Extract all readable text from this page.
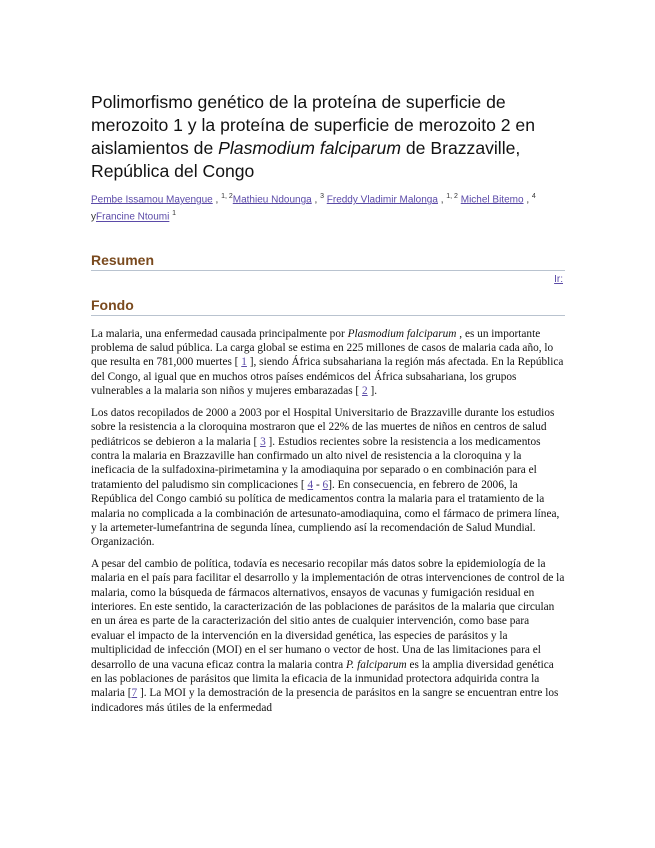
Polimorfismo genético de la proteína de superficie de merozoito 1 y la proteína de superficie de merozoito 2 en aislamientos de Plasmodium falciparum de Brazzaville, República del Congo
Pembe Issamou Mayengue , $^{1, 2}$Mathieu Ndounga , $^3$ Freddy Vladimir Malonga , $^{1, 2}$ Michel Bitemo , $^4$ yFrancine Ntoumi $^1$
Resumen
Ir:
Fondo

La malaria, una enfermedad causada principalmente por Plasmodium falciparum , es un importante problema de salud pública. La carga global se estima en 225 millones de casos de malaria cada año, lo que resulta en 781,000 muertes [ 1 ], siendo África subsahariana la región más afectada. En la República del Congo, al igual que en muchos otros países endémicos del África subsahariana, los grupos vulnerables a la malaria son niños y mujeres embarazadas [ 2 ].

Los datos recopilados de 2000 a 2003 por el Hospital Universitario de Brazzaville durante los estudios sobre la resistencia a la cloroquina mostraron que el 22% de las muertes de niños en centros de salud pediátricos se debieron a la malaria [ 3 ]. Estudios recientes sobre la resistencia a los medicamentos contra la malaria en Brazzaville han confirmado un alto nivel de resistencia a la cloroquina y la ineficacia de la sulfadoxina-pirimetamina y la amodiaquina por separado o en combinación para el tratamiento del paludismo sin complicaciones [ 4 - 6]. En consecuencia, en febrero de 2006, la República del Congo cambió su política de medicamentos contra la malaria para el tratamiento de la malaria no complicada a la combinación de artesunato-amodiaquina, como el fármaco de primera línea, y la artemeter-lumefantrina de segunda línea, cumpliendo así la recomendación de Salud Mundial. Organización.

A pesar del cambio de política, todavía es necesario recopilar más datos sobre la epidemiología de la malaria en el país para facilitar el desarrollo y la implementación de otras intervenciones de control de la malaria, como la búsqueda de fármacos alternativos, ensayos de vacunas y fumigación residual en interiores. En este sentido, la caracterización de las poblaciones de parásitos de la malaria que circulan en un área es parte de la caracterización del sitio antes de cualquier intervención, como base para evaluar el impacto de la intervención en la diversidad genética, las especies de parásitos y la multiplicidad de infección (MOI) en el ser humano o vector de host. Una de las limitaciones para el desarrollo de una vacuna eficaz contra la malaria contra P. falciparum es la amplia diversidad genética en las poblaciones de parásitos que limita la eficacia de la inmunidad protectora adquirida contra la malaria [7 ]. La MOI y la demostración de la presencia de parásitos en la sangre se encuentran entre los indicadores más útiles de la enfermedad
